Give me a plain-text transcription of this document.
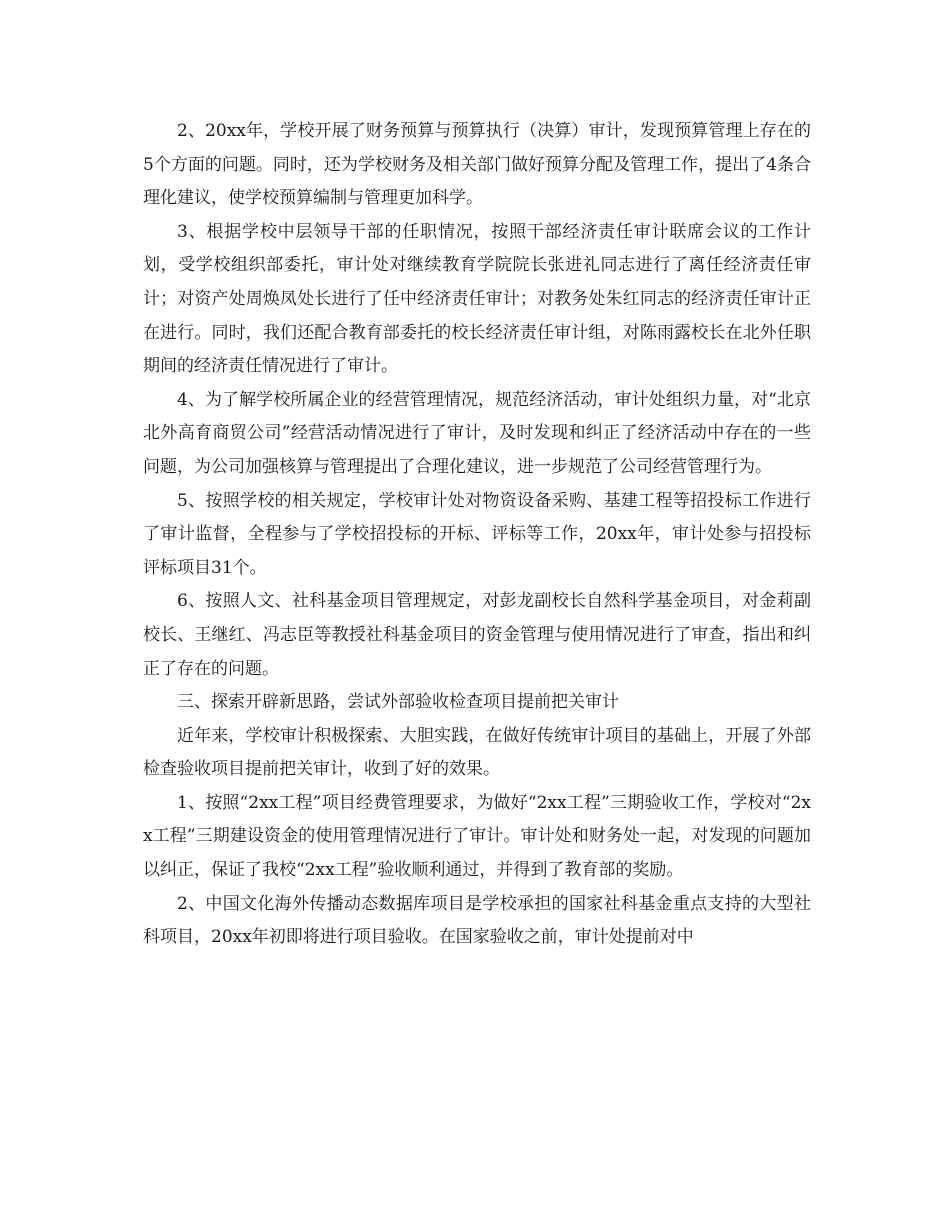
2、20xx年，学校开展了财务预算与预算执行（决算）审计，发现预算管理上存在的5个方面的问题。同时，还为学校财务及相关部门做好预算分配及管理工作，提出了4条合理化建议，使学校预算编制与管理更加科学。

3、根据学校中层领导干部的任职情况，按照干部经济责任审计联席会议的工作计划，受学校组织部委托，审计处对继续教育学院院长张进礼同志进行了离任经济责任审计；对资产处周焕凤处长进行了任中经济责任审计；对教务处朱红同志的经济责任审计正在进行。同时，我们还配合教育部委托的校长经济责任审计组，对陈雨露校长在北外任职期间的经济责任情况进行了审计。

4、为了解学校所属企业的经营管理情况，规范经济活动，审计处组织力量，对“北京北外高育商贸公司”经营活动情况进行了审计，及时发现和纠正了经济活动中存在的一些问题，为公司加强核算与管理提出了合理化建议，进一步规范了公司经营管理行为。

5、按照学校的相关规定，学校审计处对物资设备采购、基建工程等招投标工作进行了审计监督，全程参与了学校招投标的开标、评标等工作，20xx年，审计处参与招投标评标项目31个。

6、按照人文、社科基金项目管理规定，对彭龙副校长自然科学基金项目，对金莉副校长、王继红、冯志臣等教授社科基金项目的资金管理与使用情况进行了审查，指出和纠正了存在的问题。

三、探索开辟新思路，尝试外部验收检查项目提前把关审计

近年来，学校审计积极探索、大胆实践，在做好传统审计项目的基础上，开展了外部检查验收项目提前把关审计，收到了好的效果。

1、按照“2xx工程”项目经费管理要求，为做好“2xx工程”三期验收工作，学校对“2xx工程”三期建设资金的使用管理情况进行了审计。审计处和财务处一起，对发现的问题加以纠正，保证了我校“2xx工程”验收顺利通过，并得到了教育部的奖励。

2、中国文化海外传播动态数据库项目是学校承担的国家社科基金重点支持的大型社科项目，20xx年初即将进行项目验收。在国家验收之前，审计处提前对中
